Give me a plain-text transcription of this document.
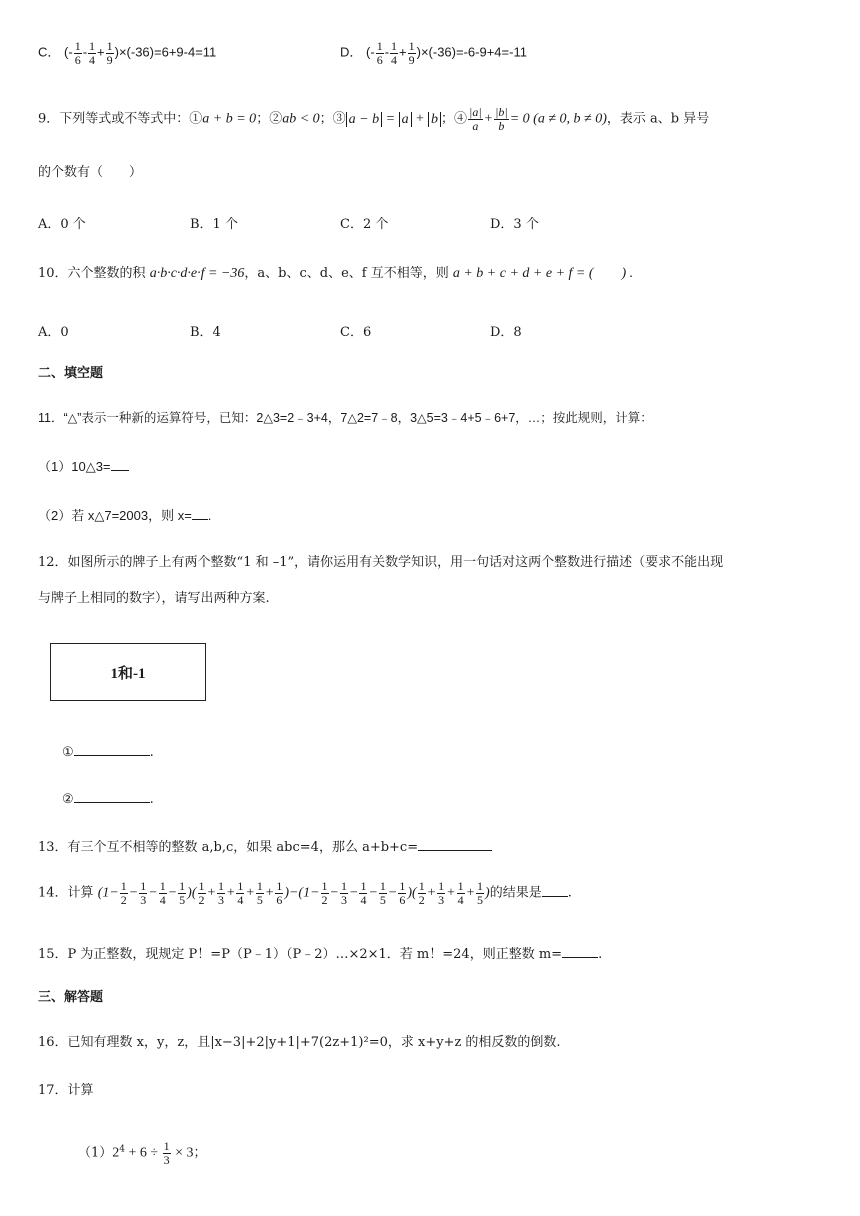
C． (- $\frac{1}{6} - \frac{1}{4} + \frac{1}{9} )\times(-36)=6+9-4=11$	D． (- $\frac{1}{6} - \frac{1}{4} + \frac{1}{9} )\times(-36)=-6-9+4=-11$
9．下列等式或不等式中：①a + b = 0；②ab < 0；③ a − b = a + b ；④ $\frac{|a|}{a} + \frac{|b|}{b} = 0$ (a ≠ 0, b ≠ 0)，表示 a、b 异号
的个数有（　　）
A．0 个	B．1 个	C．2 个	D．3 个
10．六个整数的积 a·b·c·d·e·f = −36，a、b、c、d、e、f 互不相等，则 a + b + c + d + e + f = (　　) .
A．0	B．4	C．6	D．8
二、填空题
11．“△”表示一种新的运算符号，已知：2△3=2﹣3+4，7△2=7﹣8，3△5=3﹣4+5﹣6+7，…；按此规则，计算：
（1）10△3=
（2）若 x△7=2003，则 x= .
12．如图所示的牌子上有两个整数“1 和 –1”，请你运用有关数学知识，用一句话对这两个整数进行描述（要求不能出现
与牌子上相同的数字），请写出两种方案.
1和-1
①	.
②	.
13．有三个互不相等的整数 a,b,c，如果 abc=4，那么 a+b+c=
14．计算 ($1- \frac{1}{2} - \frac{1}{3} - \frac{1}{4} - \frac{1}{5}$ )( $\frac{1}{2} + \frac{1}{3} + \frac{1}{4} + \frac{1}{5} + \frac{1}{6} )-(1- \frac{1}{2} - \frac{1}{3} - \frac{1}{4} - \frac{1}{5} - \frac{1}{6}$ )( $\frac{1}{2} + \frac{1}{3} + \frac{1}{4} + \frac{1}{5}$ )的结果是 .
15．P 为正整数，现规定 P！=P（P﹣1）（P﹣2）…×2×1．若 m！=24，则正整数 m=	.
三、解答题
16．已知有理数 x，y，z，且|x−3|+2|y+1|+7(2z+1)²=0，求 x+y+z 的相反数的倒数.
17．计算
$(1)2^4 + 6 \div \frac{1}{3} \times 3$；
